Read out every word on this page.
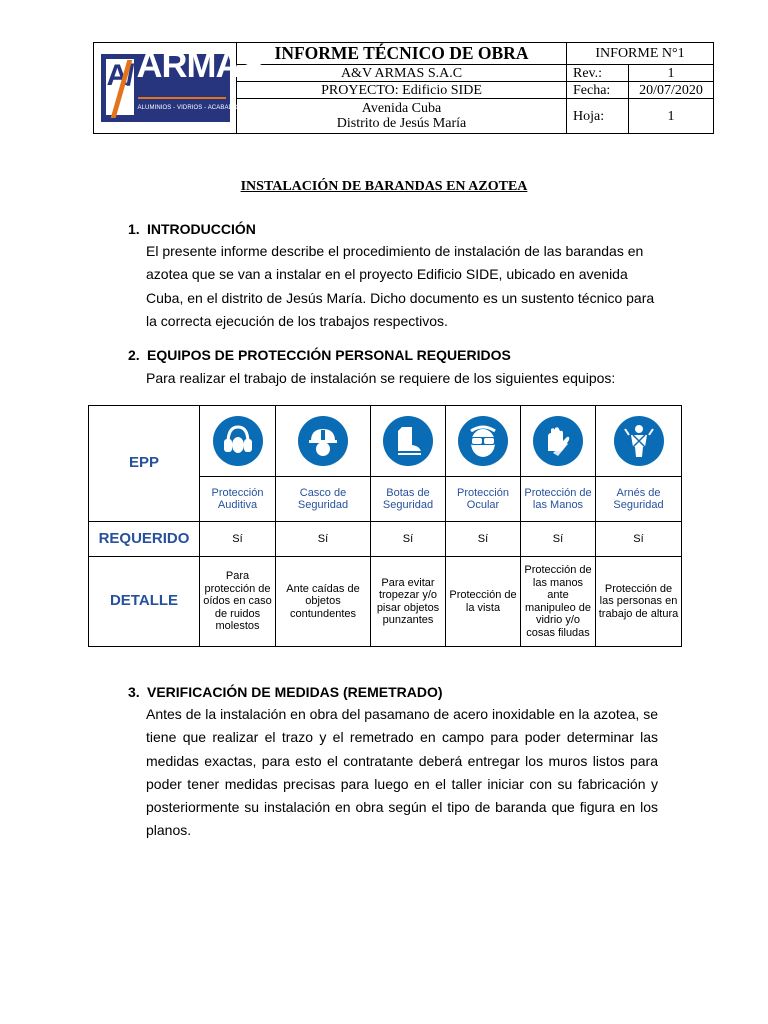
A/ ARMAS
ALUMINIOS - VIDRIOS - ACABADOS	INFORME TÉCNICO DE OBRA	INFORME N°1	
	A&V ARMAS S.A.C	Rev.:	1
	PROYECTO: Edificio SIDE	Fecha:	20/07/2020

	Avenida Cuba
Distrito de Jesús María	Hoja:	1
INSTALACIÓN DE BARANDAS EN AZOTEA
1. INTRODUCCIÓN

El presente informe describe el procedimiento de instalación de las barandas en azotea que se van a instalar en el proyecto Edificio SIDE, ubicado en avenida Cuba, en el distrito de Jesús María. Dicho documento es un sustento técnico para la correcta ejecución de los trabajos respectivos.

2. EQUIPOS DE PROTECCIÓN PERSONAL REQUERIDOS

Para realizar el trabajo de instalación se requiere de los siguientes equipos:

EPP	

	Protección Auditiva	Casco de Seguridad	Botas de Seguridad	Protección Ocular	Protección de las Manos	Arnés de Seguridad
REQUERIDO	Sí	Sí	Sí	Sí	Sí	Sí
DETALLE	Para protección de oídos en caso de ruidos molestos	Ante caídas de objetos contundentes	Para evitar tropezar y/o pisar objetos punzantes	Protección de la vista	Protección de las manos ante manipuleo de vidrio y/o cosas filudas	Protección de las personas en trabajo de altura
3. VERIFICACIÓN DE MEDIDAS (REMETRADO)

Antes de la instalación en obra del pasamano de acero inoxidable en la azotea, se tiene que realizar el trazo y el remetrado en campo para poder determinar las medidas exactas, para esto el contratante deberá entregar los muros listos para poder tener medidas precisas para luego en el taller iniciar con su fabricación y posteriormente su instalación en obra según el tipo de baranda que figura en los planos.
